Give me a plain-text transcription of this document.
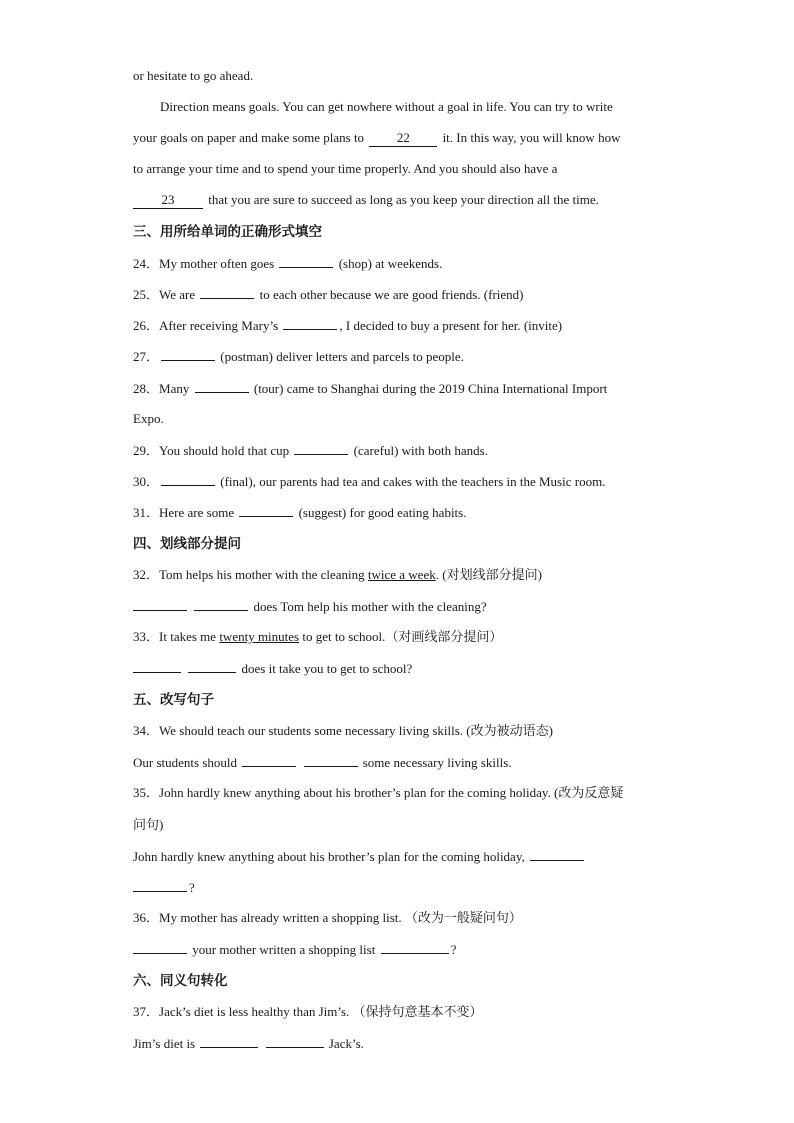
or hesitate to go ahead.
Direction means goals. You can get nowhere without a goal in life. You can try to write
your goals on paper and make some plans to	22	it. In this way, you will know how
to arrange your time and to spend your time properly. And you should also have a
23	that you are sure to succeed as long as you keep your direction all the time.
三、用所给单词的正确形式填空
24．My mother often goes	(shop) at weekends.
25．We are	to each other because we are good friends. (friend)
26．After receiving Mary’s	, I decided to buy a present for her. (invite)
27．	(postman) deliver letters and parcels to people.
28．Many	(tour) came to Shanghai during the 2019 China International Import
Expo.
29．You should hold that cup	(careful) with both hands.
30．	(final), our parents had tea and cakes with the teachers in the Music room.
31．Here are some	(suggest) for good eating habits.
四、划线部分提问
32．Tom helps his mother with the cleaning twice a week. (对划线部分提问)
does Tom help his mother with the cleaning?
33．It takes me twenty minutes to get to school.（对画线部分提问）
does it take you to get to school?
五、改写句子
34．We should teach our students some necessary living skills. (改为被动语态)
Our students should	some necessary living skills.
35．John hardly knew anything about his brother’s plan for the coming holiday. (改为反意疑
问句)
John hardly knew anything about his brother’s plan for the coming holiday,
?
36．My mother has already written a shopping list. （改为一般疑问句）
your mother written a shopping list	?
六、同义句转化
37．Jack’s diet is less healthy than Jim’s. （保持句意基本不变）
Jim’s diet is	Jack’s.
